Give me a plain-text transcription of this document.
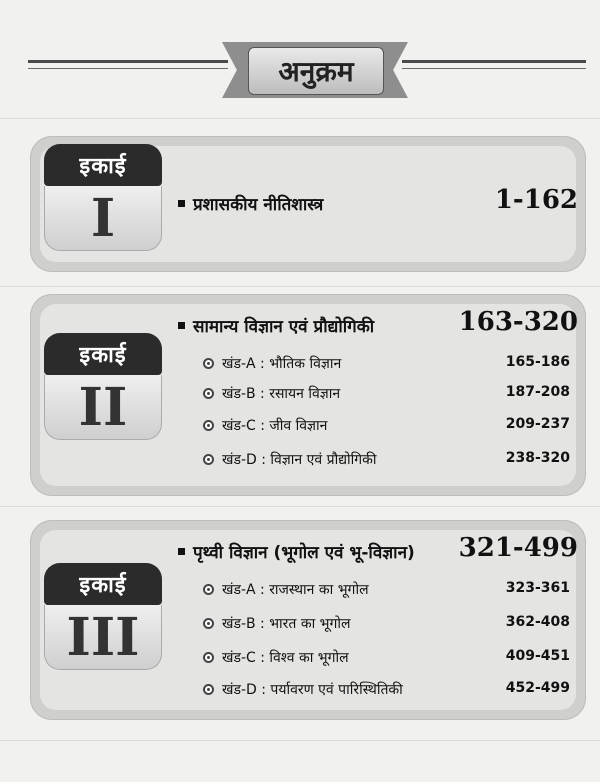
अनुक्रम
इकाई
I	प्रशासकीय नीतिशास्त्र	1-162
इकाई
II
सामान्य विज्ञान एवं प्रौद्योगिकी	163-320
खंड-A : भौतिक विज्ञान	165-186
खंड-B : रसायन विज्ञान	187-208
खंड-C : जीव विज्ञान	209-237
खंड-D : विज्ञान एवं प्रौद्योगिकी	238-320
इकाई
III
पृथ्वी विज्ञान (भूगोल एवं भू-विज्ञान)	321-499
खंड-A : राजस्थान का भूगोल	323-361
खंड-B : भारत का भूगोल	362-408
खंड-C : विश्व का भूगोल	409-451
खंड-D : पर्यावरण एवं पारिस्थितिकी	452-499
